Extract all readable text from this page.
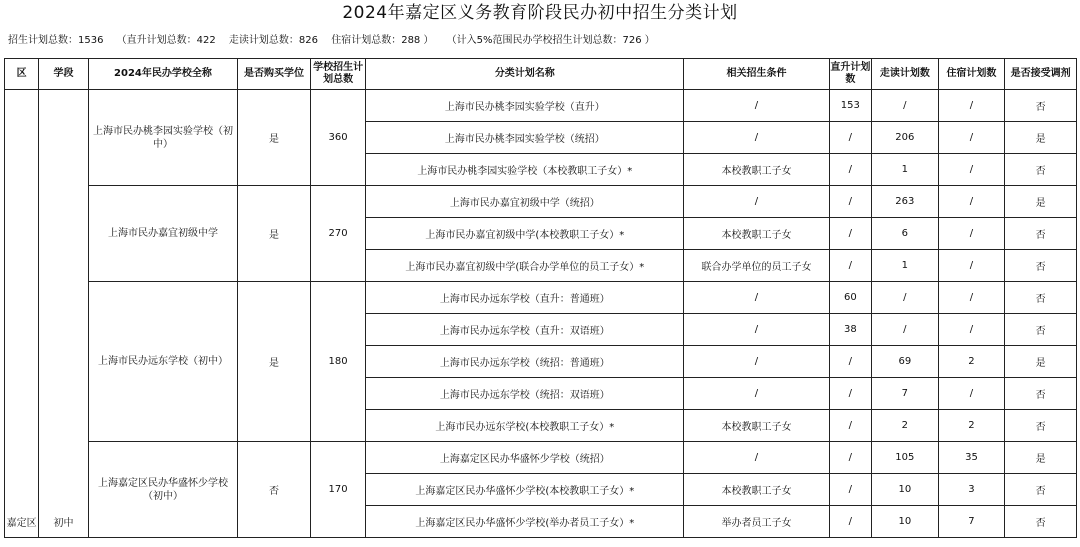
2024年嘉定区义务教育阶段民办初中招生分类计划
招生计划总数：1536 （直升计划总数：422 走读计划总数：826 住宿计划总数：288 ） （计入5%范围民办学校招生计划总数：726 ）
区	学段	2024年民办学校全称	是否购买学位	学校招生计划总数	分类计划名称	相关招生条件	直升计划数	走读计划数	住宿计划数	是否接受调剂
嘉定区	初中	上海市民办桃李园实验学校（初中）	是	360	上海市民办桃李园实验学校（直升）	/	153	/	/	否
					上海市民办桃李园实验学校（统招）	/	/	206	/	是
					上海市民办桃李园实验学校（本校教职工子女）*	本校教职工子女	/	1	/	否
		上海市民办嘉宜初级中学	是	270	上海市民办嘉宜初级中学（统招）	/	/	263	/	是
					上海市民办嘉宜初级中学(本校教职工子女）*	本校教职工子女	/	6	/	否
					上海市民办嘉宜初级中学(联合办学单位的员工子女）*	联合办学单位的员工子女	/	1	/	否
		上海市民办远东学校（初中）	是	180	上海市民办远东学校（直升：普通班）	/	60	/	/	否
					上海市民办远东学校（直升：双语班）	/	38	/	/	否
					上海市民办远东学校（统招：普通班）	/	/	69	2	是
					上海市民办远东学校（统招：双语班）	/	/	7	/	否
					上海市民办远东学校(本校教职工子女）*	本校教职工子女	/	2	2	否
		上海嘉定区民办华盛怀少学校（初中）	否	170	上海嘉定区民办华盛怀少学校（统招）	/	/	105	35	是
					上海嘉定区民办华盛怀少学校(本校教职工子女）*	本校教职工子女	/	10	3	否
					上海嘉定区民办华盛怀少学校(举办者员工子女）*	举办者员工子女	/	10	7	否
